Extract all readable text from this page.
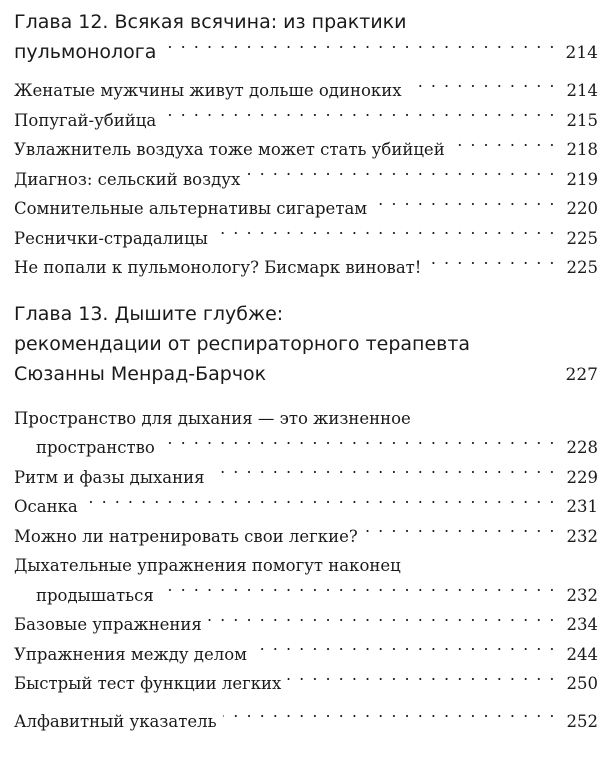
Глава 12. Всякая всячина: из практики
пульмонолога . . .	214
Женатые мужчины живут дольше одиноких . . .	214
Попугай-убийца . . .	215
Увлажнитель воздуха тоже может стать убийцей . . .	218
Диагноз: сельский воздух . . .	219
Сомнительные альтернативы сигаретам . . .	220
Реснички-страдалицы . . .	225
Не попали к пульмонологу? Бисмарк виноват! . . .	225
Глава 13. Дышите глубже:
рекомендации от респираторного терапевта
Сюзанны Менрад-Барчок	227
Пространство для дыхания — это жизненное
пространство . . .	228
Ритм и фазы дыхания . . .	229
Осанка . . .	231
Можно ли натренировать свои легкие? . . .	232
Дыхательные упражнения помогут наконец
продышаться . . .	232
Базовые упражнения . . .	234
Упражнения между делом . . .	244
Быстрый тест функции легких . . .	250
Алфавитный указатель . . .	252
